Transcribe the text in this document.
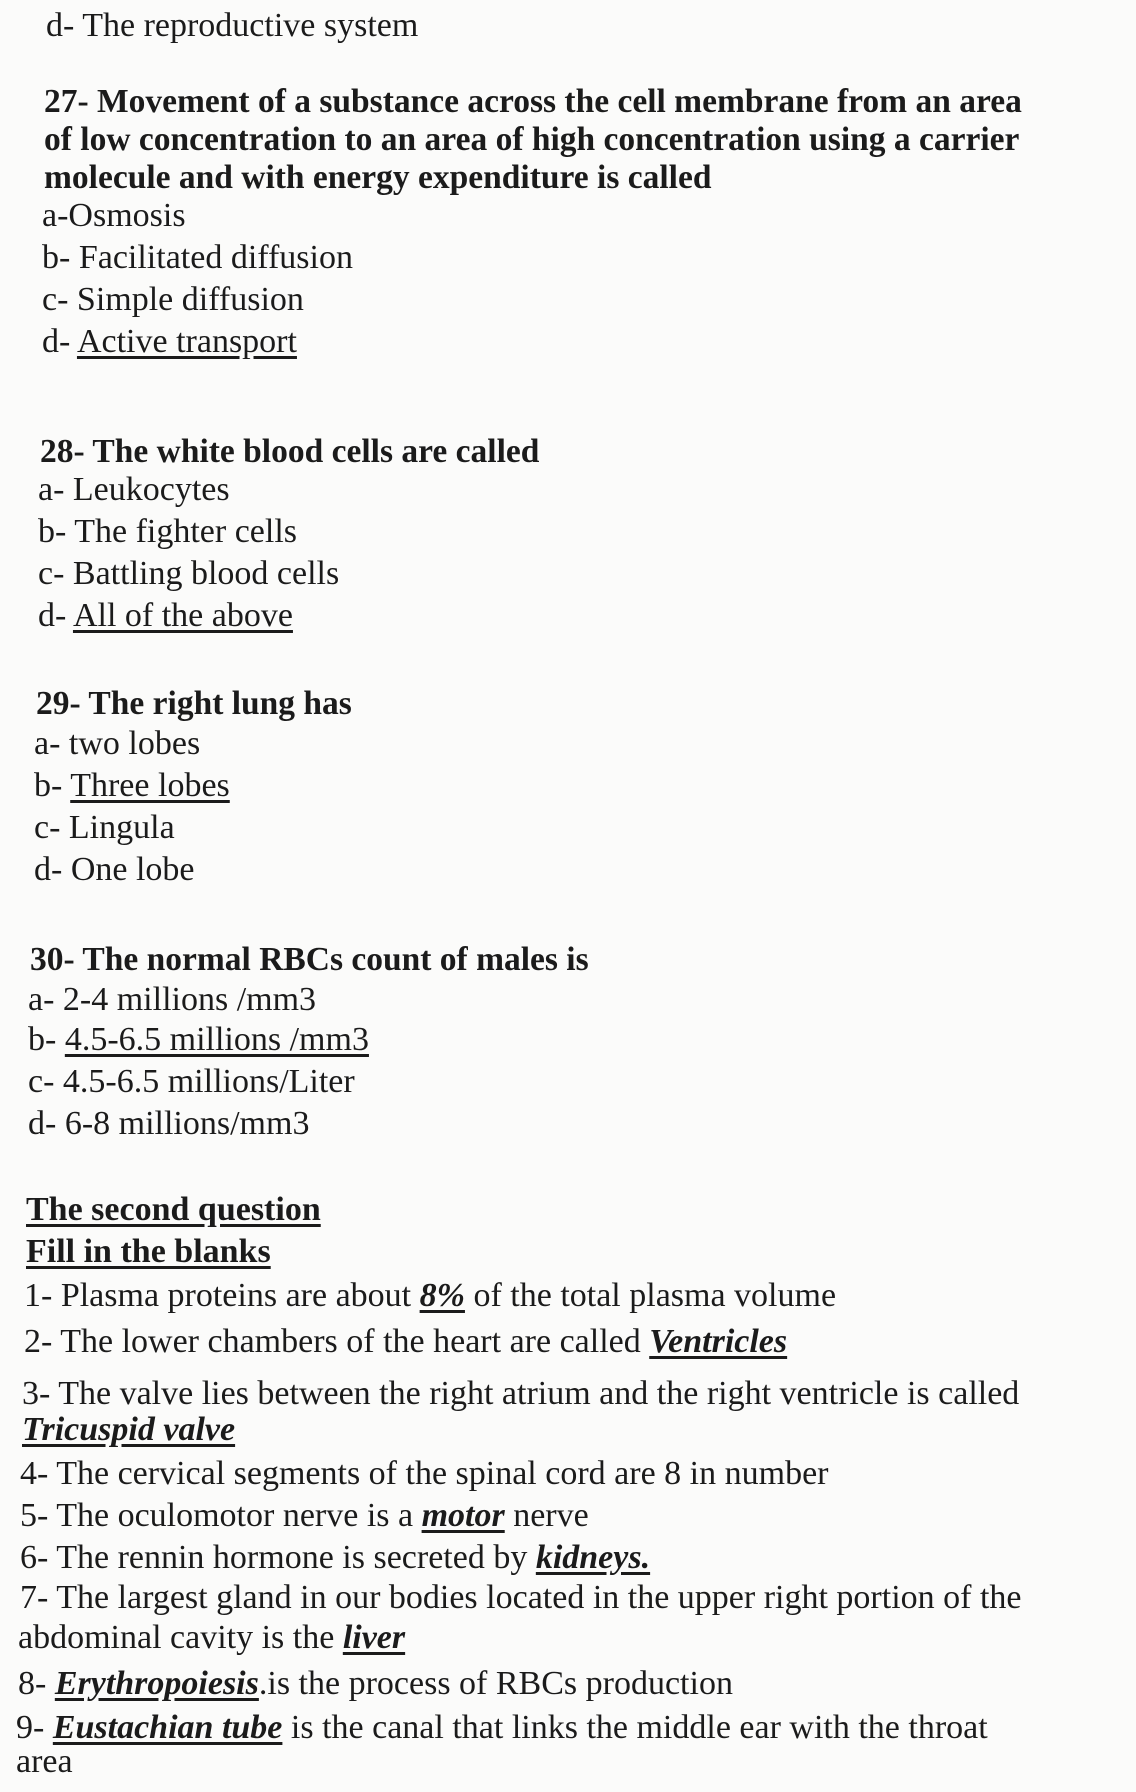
d- The reproductive system
27- Movement of a substance across the cell membrane from an area
of low concentration to an area of high concentration using a carrier
molecule and with energy expenditure is called
a-Osmosis
b- Facilitated diffusion
c- Simple diffusion
d- Active transport
28- The white blood cells are called
a- Leukocytes
b- The fighter cells
c- Battling blood cells
d- All of the above
29- The right lung has
a- two lobes
b- Three lobes
c- Lingula
d- One lobe
30- The normal RBCs count of males is
a- 2-4 millions /mm3
b- 4.5-6.5 millions /mm3
c- 4.5-6.5 millions/Liter
d- 6-8 millions/mm3
The second question
Fill in the blanks
1- Plasma proteins are about 8% of the total plasma volume
2- The lower chambers of the heart are called Ventricles
3- The valve lies between the right atrium and the right ventricle is called
Tricuspid valve
4- The cervical segments of the spinal cord are 8 in number
5- The oculomotor nerve is a motor nerve
6- The rennin hormone is secreted by kidneys.
7- The largest gland in our bodies located in the upper right portion of the
abdominal cavity is the liver
8- Erythropoiesis.is the process of RBCs production
9- Eustachian tube is the canal that links the middle ear with the throat
area
